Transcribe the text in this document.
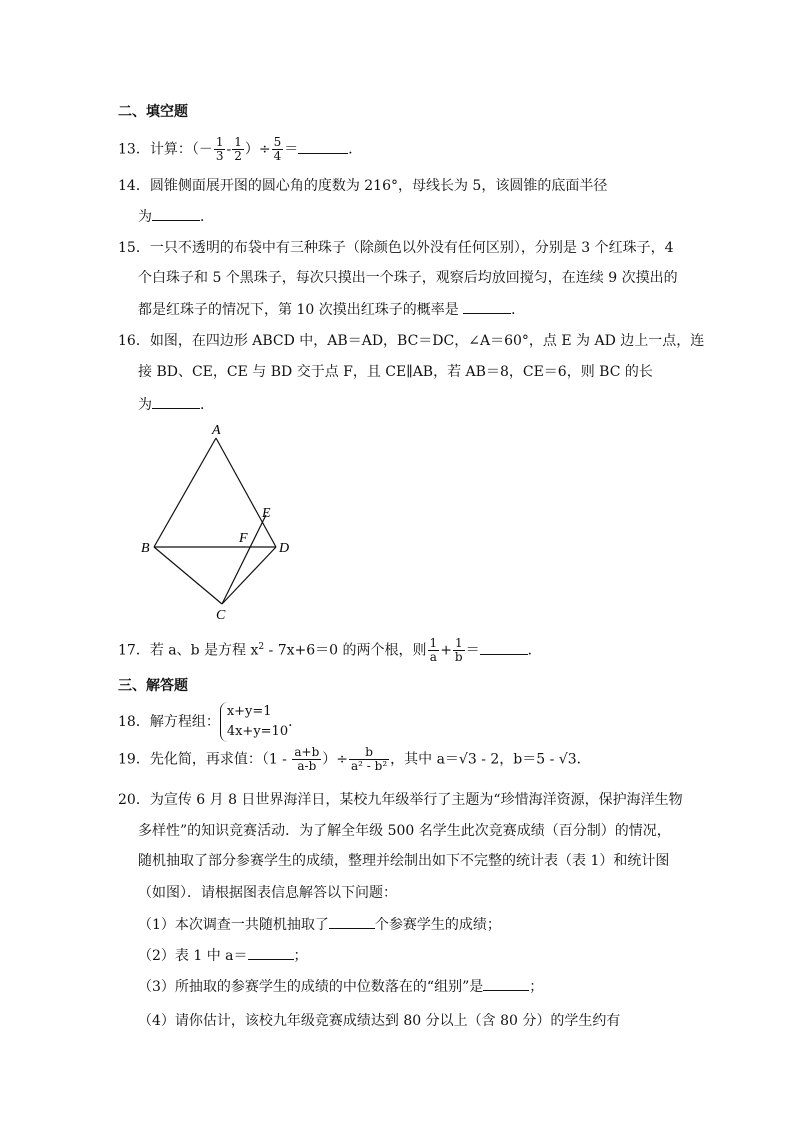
二、填空题
13．计算：（－ $\frac{1}{3} - \frac{1}{2}$ ）÷ $\frac{5}{4}$ ＝	．
14．圆锥侧面展开图的圆心角的度数为 216°，母线长为 5，该圆锥的底面半径
为	．
15．一只不透明的布袋中有三种珠子（除颜色以外没有任何区别），分别是 3 个红珠子，4
个白珠子和 5 个黑珠子，每次只摸出一个珠子，观察后均放回搅匀，在连续 9 次摸出的
都是红珠子的情况下，第 10 次摸出红珠子的概率是	．
16．如图，在四边形 ABCD 中，AB＝AD，BC＝DC，∠A＝60°，点 E 为 AD 边上一点，连
接 BD、CE，CE 与 BD 交于点 F，且 CE∥AB，若 AB＝8，CE＝6，则 BC 的长
为	．
A
B
C
D
E
F
17．若 a、b 是方程 $x^2 - 7x+6=0$ 的两个根，则 $\frac{1}{a} + \frac{1}{b}$ ＝	．
三、解答题
18．解方程组：
x+y=1
4x+y=10
．
19．先化简，再求值：（$1 - \frac{a+b}{a-b}$ ）÷ $\frac{b}{\text{a² - b²}}$ ，其中 a＝√3 - 2，b＝5 - √3．
20．为宣传 6 月 8 日世界海洋日，某校九年级举行了主题为“珍惜海洋资源，保护海洋生物
多样性”的知识竞赛活动．为了解全年级 500 名学生此次竞赛成绩（百分制）的情况，
随机抽取了部分参赛学生的成绩，整理并绘制出如下不完整的统计表（表 1）和统计图
（如图）．请根据图表信息解答以下问题：
（1）本次调查一共随机抽取了	个参赛学生的成绩；
（2）表 1 中 a＝	；
（3）所抽取的参赛学生的成绩的中位数落在的“组别”是	；
（4）请你估计，该校九年级竞赛成绩达到 80 分以上（含 80 分）的学生约有
